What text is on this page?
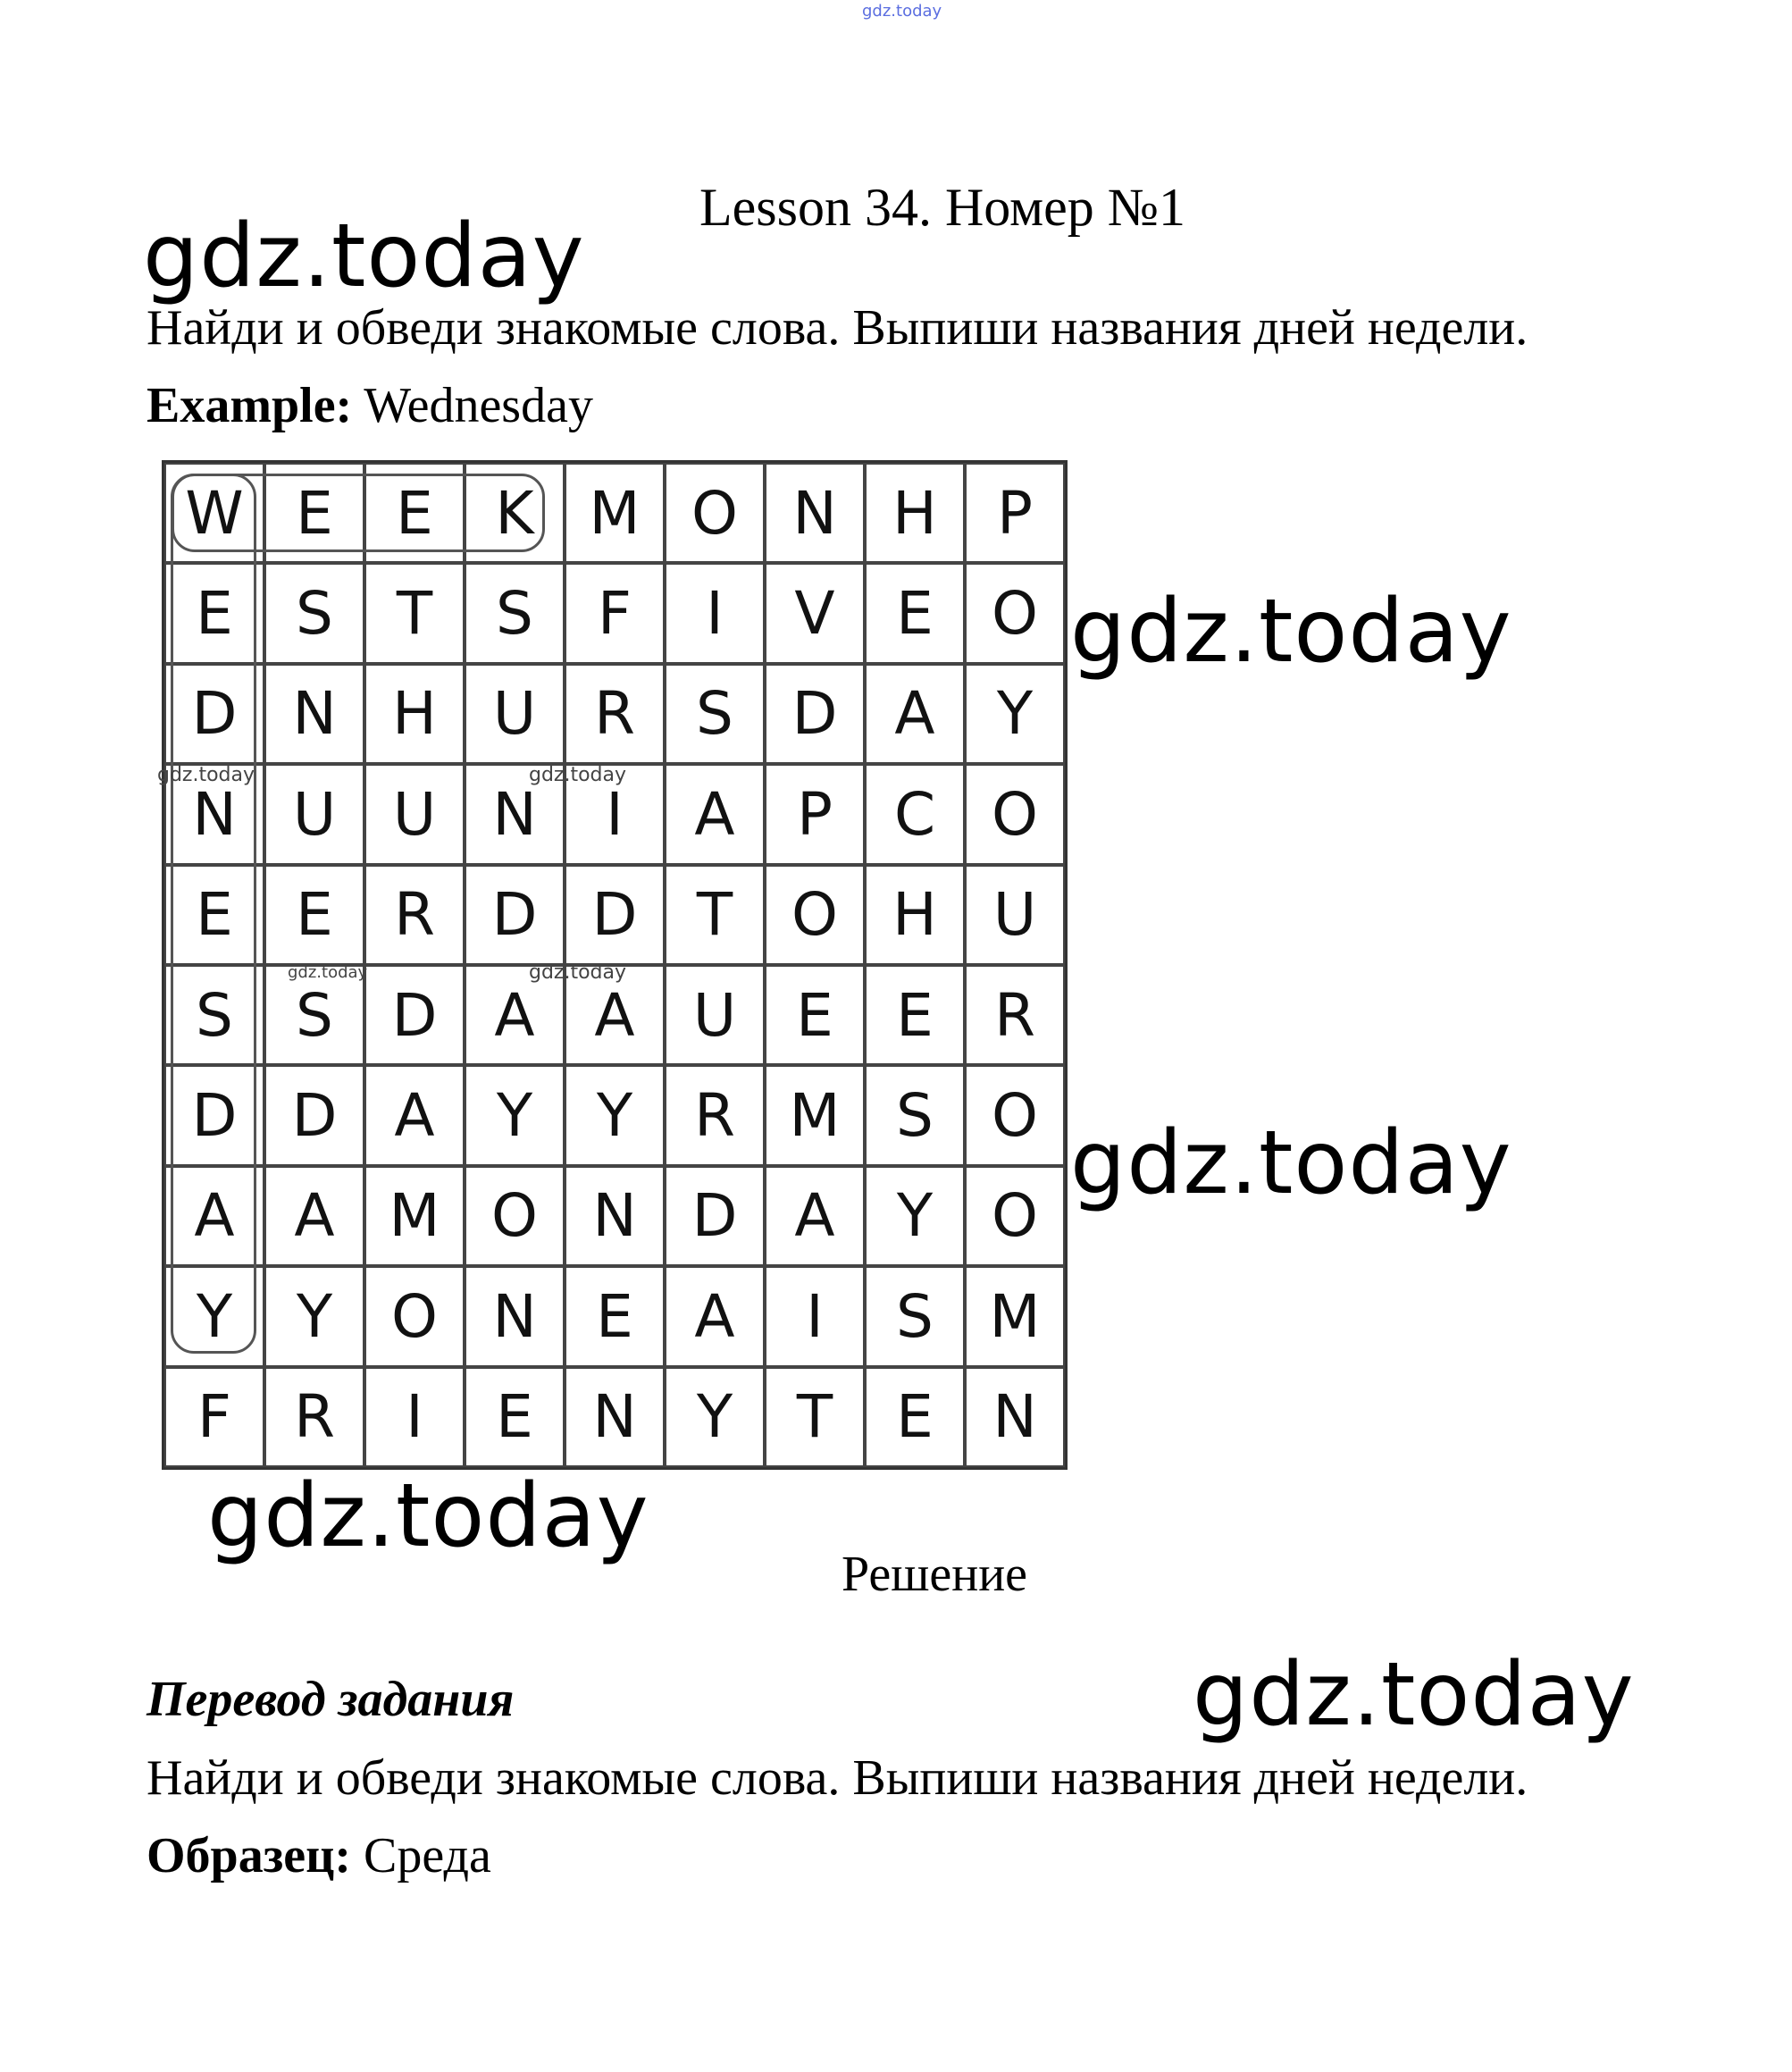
gdz.today
Lesson 34. Номер №1
gdz.today
Найди и обведи знакомые слова. Выпиши названия дней недели.
Example: Wednesday
W E	E	K M O N H	P
E	S	T	S	F	I	V	E O
D N H U R	S D A	Y
N U U N	I	A	P	C O
E	E	R D D	T O H U
S	S D A	A U	E	E	R
D D A	Y	Y	R M S O
A	A M O N D A	Y O
Y	Y O N	E	A	I	S M
F	R	I	E	N	Y	T	E	N
gdz.today	gdz.today
gdz.today	gdz.today
gdz.today
gdz.today
gdz.today
Решение
gdz.today
Перевод задания
Найди и обведи знакомые слова. Выпиши названия дней недели.
Образец: Среда
